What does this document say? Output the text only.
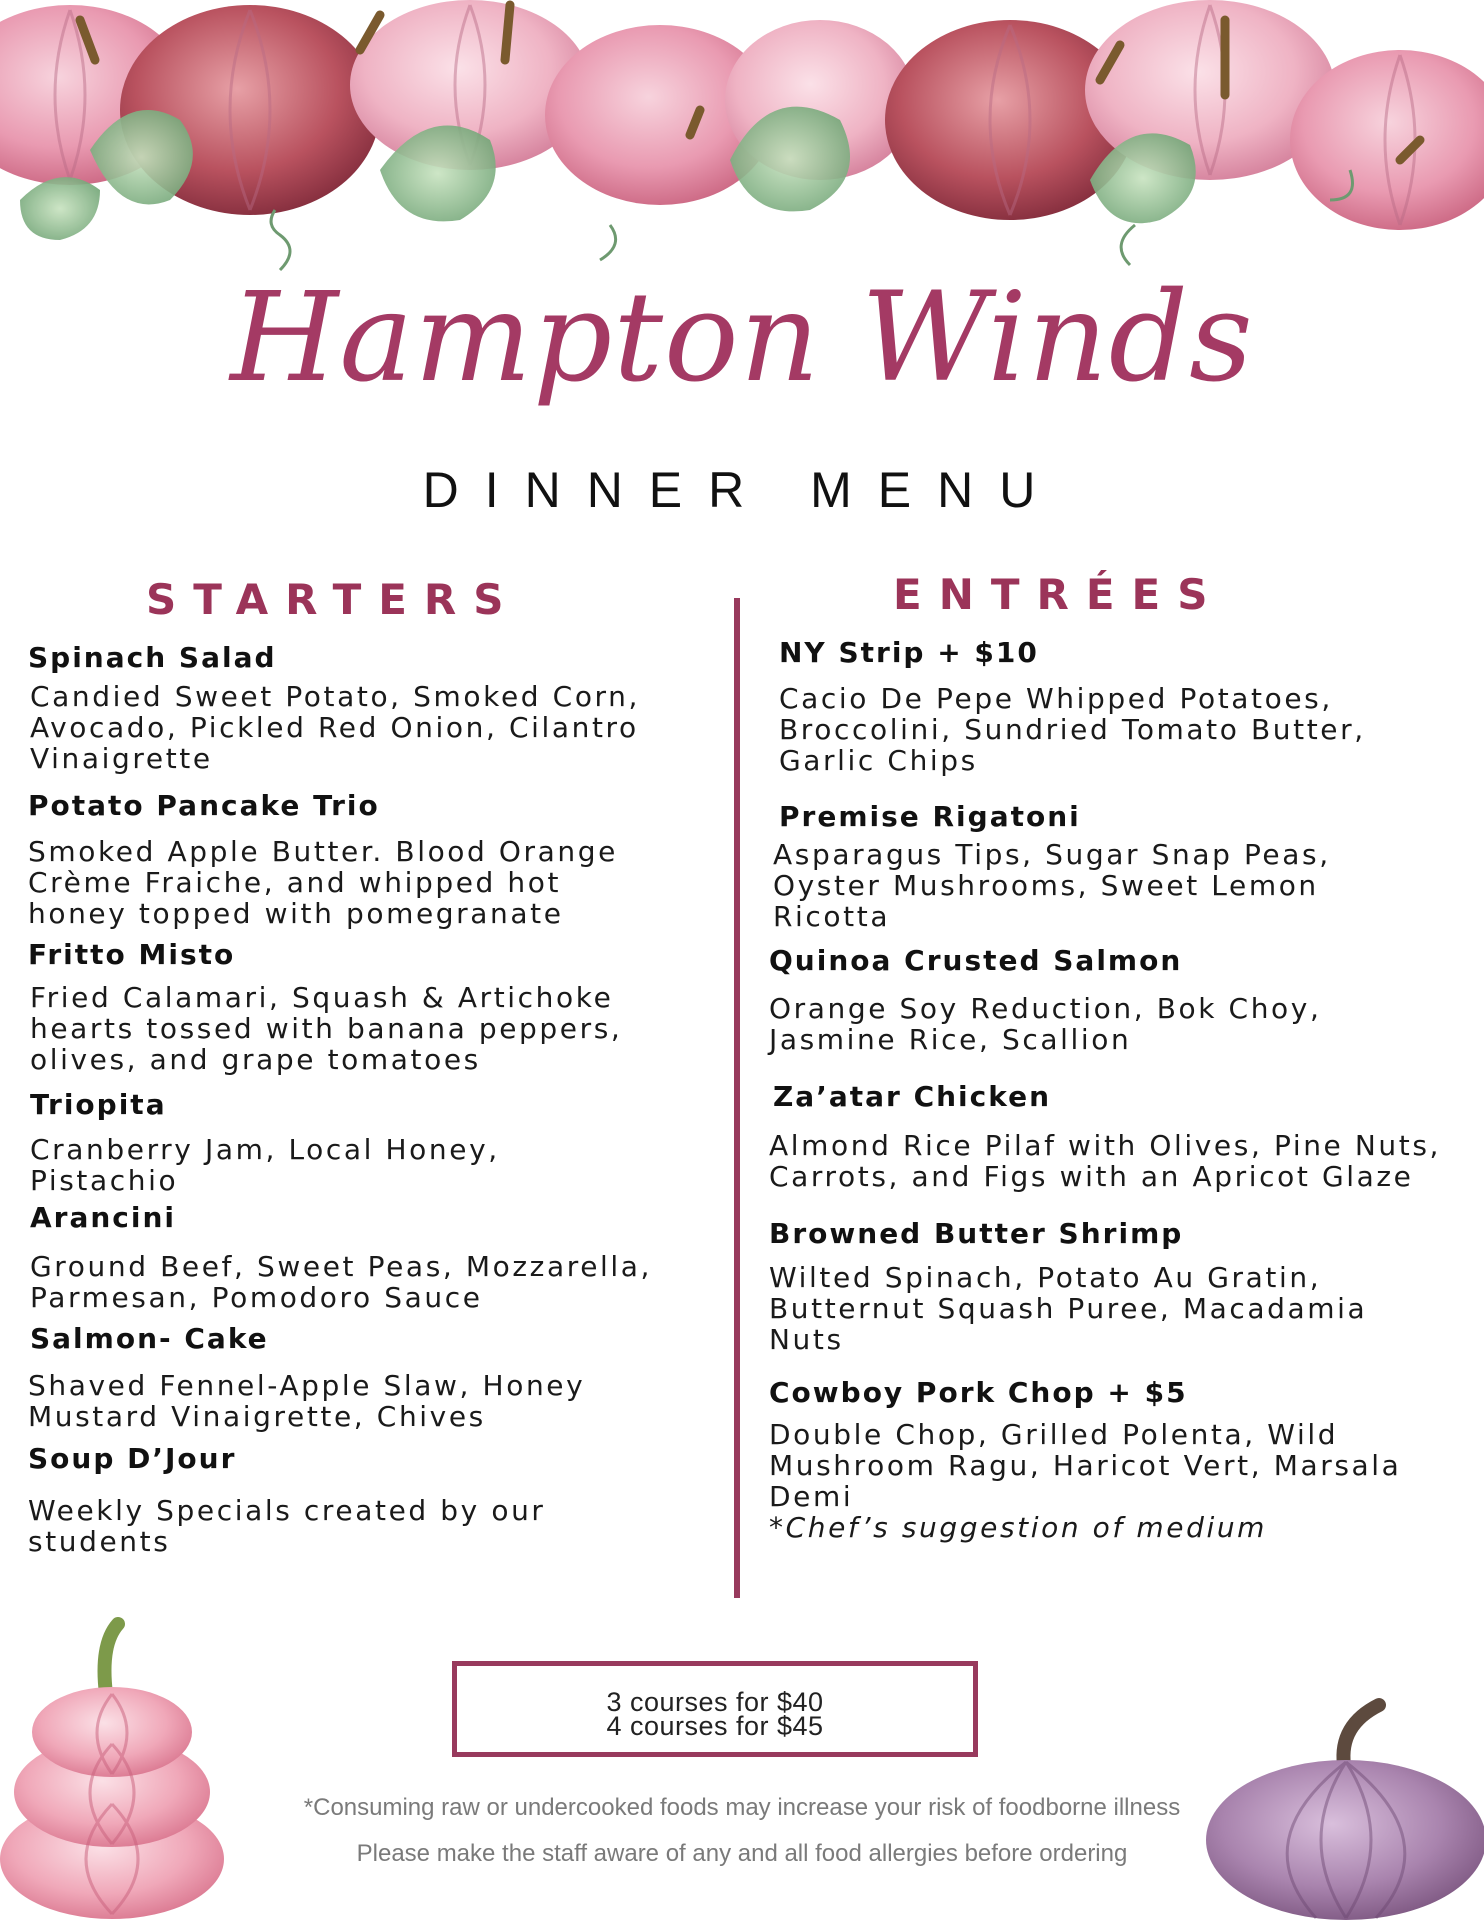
Hampton Winds
DINNER MENU
STARTERS	ENTRÉES
Spinach Salad
Candied Sweet Potato, Smoked Corn,
Avocado, Pickled Red Onion, Cilantro
Vinaigrette
Potato Pancake Trio
Smoked Apple Butter. Blood Orange
Crème Fraiche, and whipped hot
honey topped with pomegranate
Fritto Misto
Fried Calamari, Squash & Artichoke
hearts tossed with banana peppers,
olives, and grape tomatoes
Triopita
Cranberry Jam, Local Honey,
Pistachio
Arancini
Ground Beef, Sweet Peas, Mozzarella,
Parmesan, Pomodoro Sauce
Salmon- Cake
Shaved Fennel-Apple Slaw, Honey
Mustard Vinaigrette, Chives
Soup D’Jour
Weekly Specials created by our
students
NY Strip + $10
Cacio De Pepe Whipped Potatoes,
Broccolini, Sundried Tomato Butter,
Garlic Chips
Premise Rigatoni
Asparagus Tips, Sugar Snap Peas,
Oyster Mushrooms, Sweet Lemon
Ricotta
Quinoa Crusted Salmon
Orange Soy Reduction, Bok Choy,
Jasmine Rice, Scallion
Za’atar Chicken
Almond Rice Pilaf with Olives, Pine Nuts,
Carrots, and Figs with an Apricot Glaze
Browned Butter Shrimp
Wilted Spinach, Potato Au Gratin,
Butternut Squash Puree, Macadamia
Nuts
Cowboy Pork Chop + $5
Double Chop, Grilled Polenta, Wild
Mushroom Ragu, Haricot Vert, Marsala
Demi
*Chef’s suggestion of medium
3 courses for $40
4 courses for $45
*Consuming raw or undercooked foods may increase your risk of foodborne illness
Please make the staff aware of any and all food allergies before ordering
